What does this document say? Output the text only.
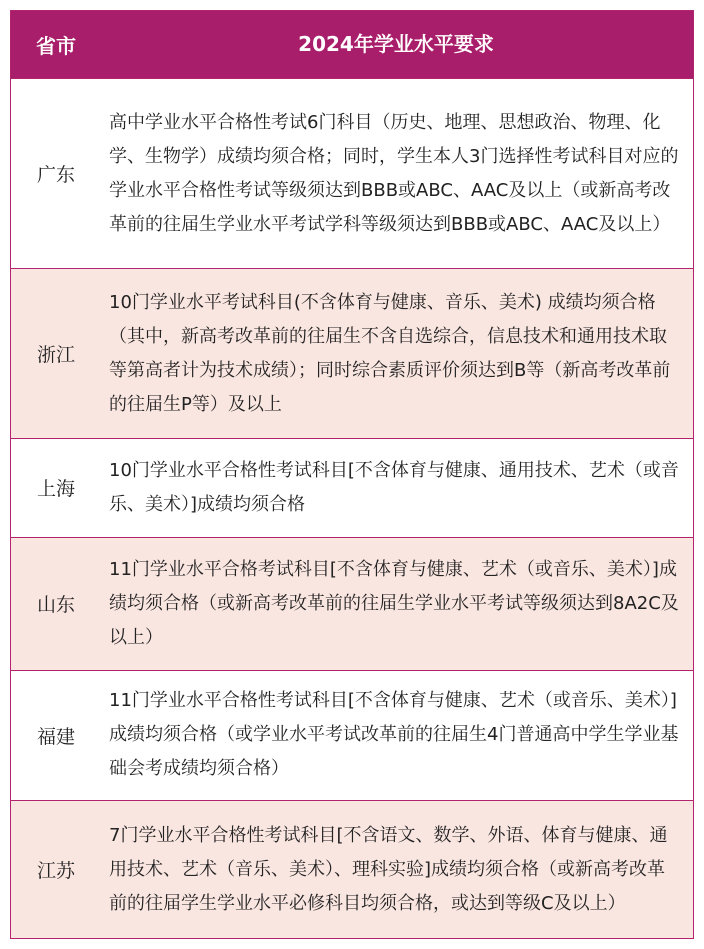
省市	2024年学业水平要求
广东
高中学业水平合格性考试6门科目（历史、地理、思想政治、物理、化学、生物学）成绩均须合格；同时，学生本人3门选择性考试科目对应的学业水平合格性考试等级须达到BBB或ABC、AAC及以上（或新高考改革前的往届生学业水平考试学科等级须达到BBB或ABC、AAC及以上）
浙江
10门学业水平考试科目(不含体育与健康、音乐、美术) 成绩均须合格（其中，新高考改革前的往届生不含自选综合，信息技术和通用技术取等第高者计为技术成绩）；同时综合素质评价须达到B等（新高考改革前的往届生P等）及以上
上海
10门学业水平合格性考试科目[不含体育与健康、通用技术、艺术（或音乐、美术）]成绩均须合格
山东
11门学业水平合格考试科目[不含体育与健康、艺术（或音乐、美术）]成绩均须合格（或新高考改革前的往届生学业水平考试等级须达到8A2C及以上）
福建
11门学业水平合格性考试科目[不含体育与健康、艺术（或音乐、美术）]成绩均须合格（或学业水平考试改革前的往届生4门普通高中学生学业基础会考成绩均须合格）
江苏
7门学业水平合格性考试科目[不含语文、数学、外语、体育与健康、通用技术、艺术（音乐、美术）、理科实验]成绩均须合格（或新高考改革前的往届学生学业水平必修科目均须合格，或达到等级C及以上）
